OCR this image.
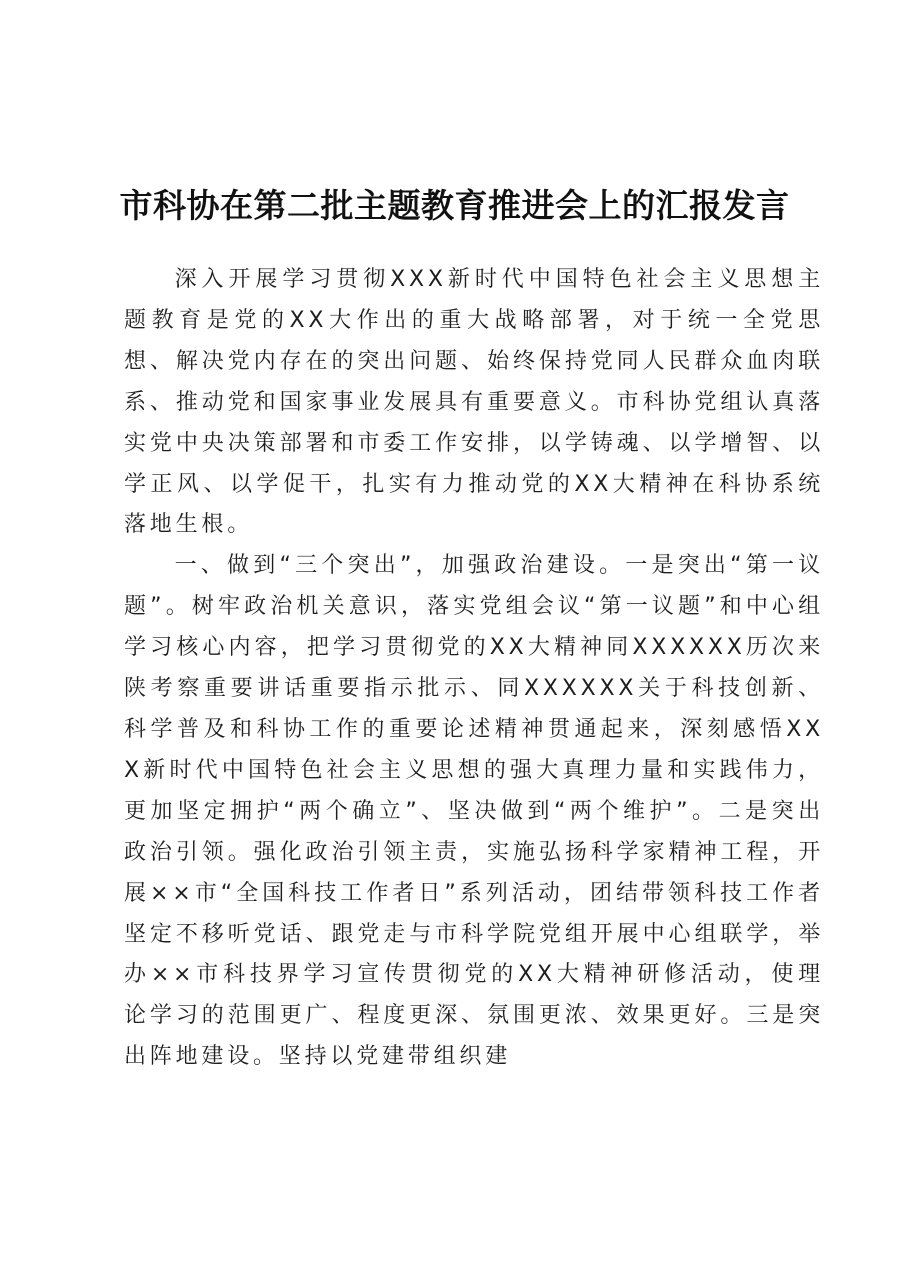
市科协在第二批主题教育推进会上的汇报发言

深入开展学习贯彻XXX新时代中国特色社会主义思想主题教育是党的XX大作出的重大战略部署，对于统一全党思想、解决党内存在的突出问题、始终保持党同人民群众血肉联系、推动党和国家事业发展具有重要意义。市科协党组认真落实党中央决策部署和市委工作安排，以学铸魂、以学增智、以学正风、以学促干，扎实有力推动党的XX大精神在科协系统落地生根。

一、做到“三个突出”，加强政治建设。一是突出“第一议题”。树牢政治机关意识，落实党组会议“第一议题”和中心组学习核心内容，把学习贯彻党的XX大精神同XXXXXX历次来陕考察重要讲话重要指示批示、同XXXXXX关于科技创新、科学普及和科协工作的重要论述精神贯通起来，深刻感悟XXX新时代中国特色社会主义思想的强大真理力量和实践伟力，更加坚定拥护“两个确立”、坚决做到“两个维护”。二是突出政治引领。强化政治引领主责，实施弘扬科学家精神工程，开展××市“全国科技工作者日”系列活动，团结带领科技工作者坚定不移听党话、跟党走与市科学院党组开展中心组联学，举办××市科技界学习宣传贯彻党的XX大精神研修活动，使理论学习的范围更广、程度更深、氛围更浓、效果更好。三是突出阵地建设。坚持以党建带组织建
